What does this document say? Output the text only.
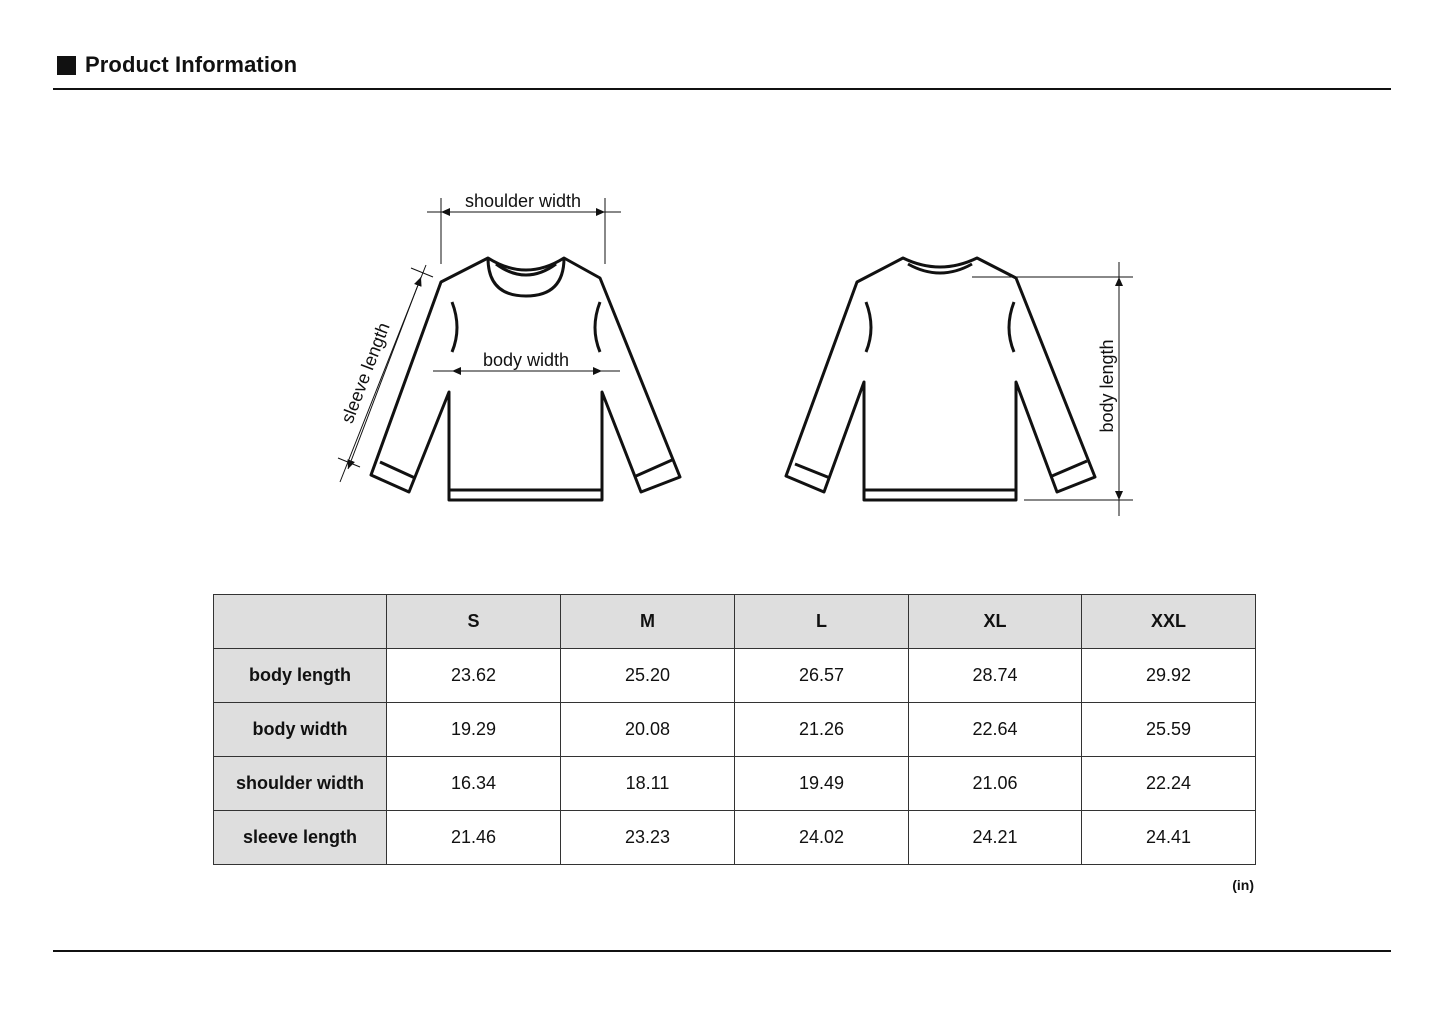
Product Information
shoulder width
body width
sleeve length	body length
	S	M	L	XL	XXL
body length	23.62	25.20	26.57	28.74	29.92
body width	19.29	20.08	21.26	22.64	25.59
shoulder width	16.34	18.11	19.49	21.06	22.24
sleeve length	21.46	23.23	24.02	24.21	24.41
(in)
